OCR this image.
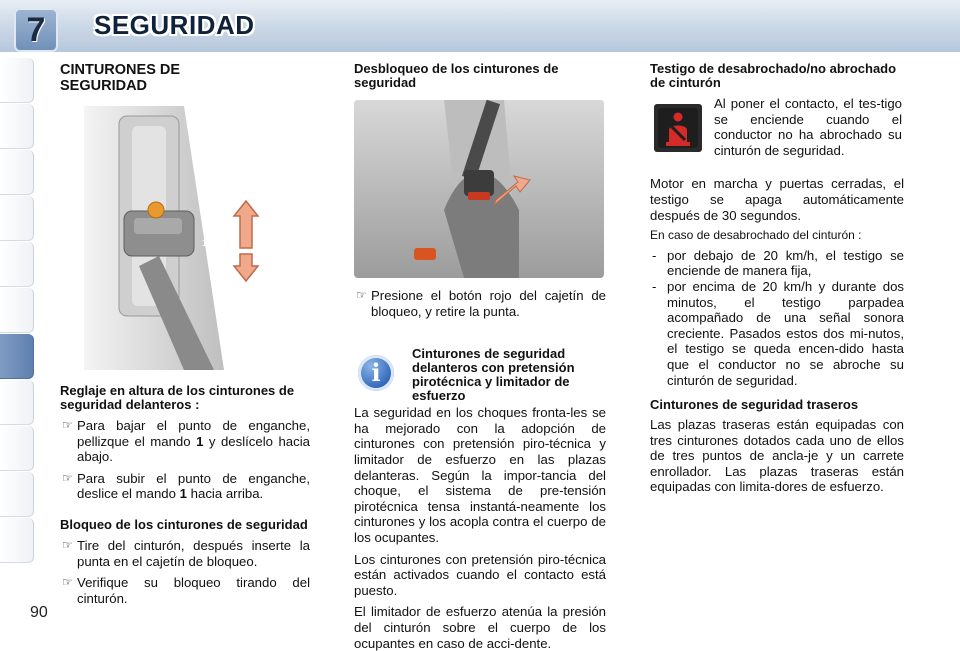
7	SEGURIDAD
90
CINTURONES DE SEGURIDAD
1
Reglaje en altura de los cinturones de seguridad delanteros :
☞ Para bajar el punto de enganche, pellizque el mando 1 y deslícelo hacia abajo.
☞ Para subir el punto de enganche, deslice el mando 1 hacia arriba.
Bloqueo de los cinturones de seguridad
☞ Tire del cinturón, después inserte la punta en el cajetín de bloqueo.
☞ Verifique su bloqueo tirando del cinturón.
Desbloqueo de los cinturones de seguridad
☞ Presione el botón rojo del cajetín de bloqueo, y retire la punta.
i
Cinturones de seguridad delanteros con pretensión pirotécnica y limitador de esfuerzo

La seguridad en los choques fronta-les se ha mejorado con la adopción de cinturones con pretensión piro-técnica y limitador de esfuerzo en las plazas delanteras. Según la impor-tancia del choque, el sistema de pre-tensión pirotécnica tensa instantá-neamente los cinturones y los acopla contra el cuerpo de los ocupantes.

Los cinturones con pretensión piro-técnica están activados cuando el contacto está puesto.

El limitador de esfuerzo atenúa la presión del cinturón sobre el cuerpo de los ocupantes en caso de acci-dente.

Testigo de desabrochado/no abrochado de cinturón

Al poner el contacto, el tes-tigo se enciende cuando el conductor no ha abrochado su cinturón de seguridad.

Motor en marcha y puertas cerradas, el testigo se apaga automáticamente después de 30 segundos.

En caso de desabrochado del cinturón :

- por debajo de 20 km/h, el testigo se enciende de manera fija,
- por encima de 20 km/h y durante dos minutos, el testigo parpadea acompañado de una señal sonora creciente. Pasados estos dos mi-nutos, el testigo se queda encen-dido hasta que el conductor no se abroche su cinturón de seguridad.
Cinturones de seguridad traseros

Las plazas traseras están equipadas con tres cinturones dotados cada uno de ellos de tres puntos de ancla-je y un carrete enrollador. Las plazas traseras están equipadas con limita-dores de esfuerzo.
